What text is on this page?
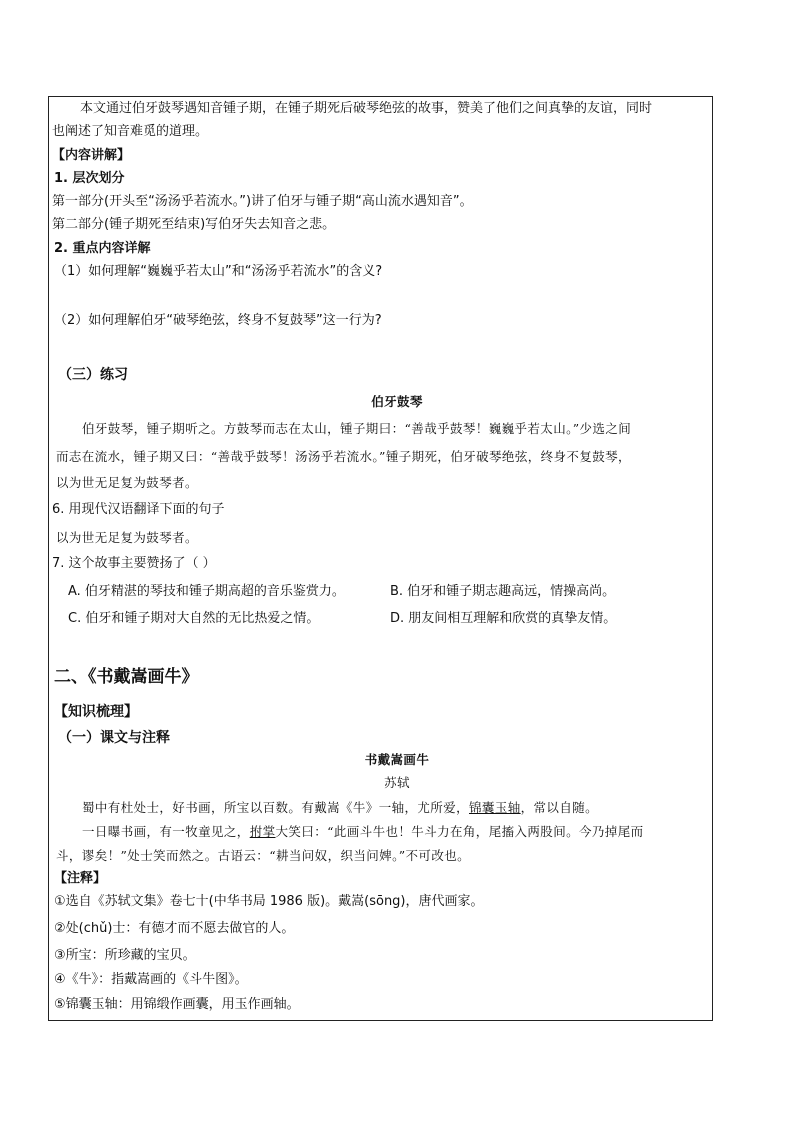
本文通过伯牙鼓琴遇知音锺子期，在锺子期死后破琴绝弦的故事，赞美了他们之间真挚的友谊，同时
也阐述了知音难觅的道理。
【内容讲解】
1. 层次划分
第一部分(开头至“汤汤乎若流水。”)讲了伯牙与锺子期“高山流水遇知音”。
第二部分(锺子期死至结束)写伯牙失去知音之悲。
2. 重点内容详解
（1）如何理解“巍巍乎若太山”和“汤汤乎若流水”的含义?
（2）如何理解伯牙“破琴绝弦，终身不复鼓琴”这一行为?
（三）练习
伯牙鼓琴
伯牙鼓琴，锺子期听之。方鼓琴而志在太山，锺子期曰：“善哉乎鼓琴！巍巍乎若太山。”少选之间
而志在流水，锺子期又曰：“善哉乎鼓琴！汤汤乎若流水。”锺子期死，伯牙破琴绝弦，终身不复鼓琴，
以为世无足复为鼓琴者。
6. 用现代汉语翻译下面的句子
以为世无足复为鼓琴者。
7. 这个故事主要赞扬了（ ）
A. 伯牙精湛的琴技和锺子期高超的音乐鉴赏力。	B. 伯牙和锺子期志趣高远，情操高尚。
C. 伯牙和锺子期对大自然的无比热爱之情。	D. 朋友间相互理解和欣赏的真挚友情。
二、《书戴嵩画牛》
【知识梳理】
（一）课文与注释
书戴嵩画牛
苏轼
蜀中有杜处士，好书画，所宝以百数。有戴嵩《牛》一轴，尤所爱，锦囊玉轴，常以自随。
一日曝书画，有一牧童见之，拊掌大笑曰：“此画斗牛也！牛斗力在角，尾搐入两股间。今乃掉尾而
斗，谬矣！”处士笑而然之。古语云：“耕当问奴，织当问婢。”不可改也。
【注释】
①选自《苏轼文集》卷七十(中华书局 1986 版)。戴嵩(sōng)，唐代画家。
②处(chǔ)士：有德才而不愿去做官的人。
③所宝：所珍藏的宝贝。
④《牛》：指戴嵩画的《斗牛图》。
⑤锦囊玉轴：用锦缎作画囊，用玉作画轴。
